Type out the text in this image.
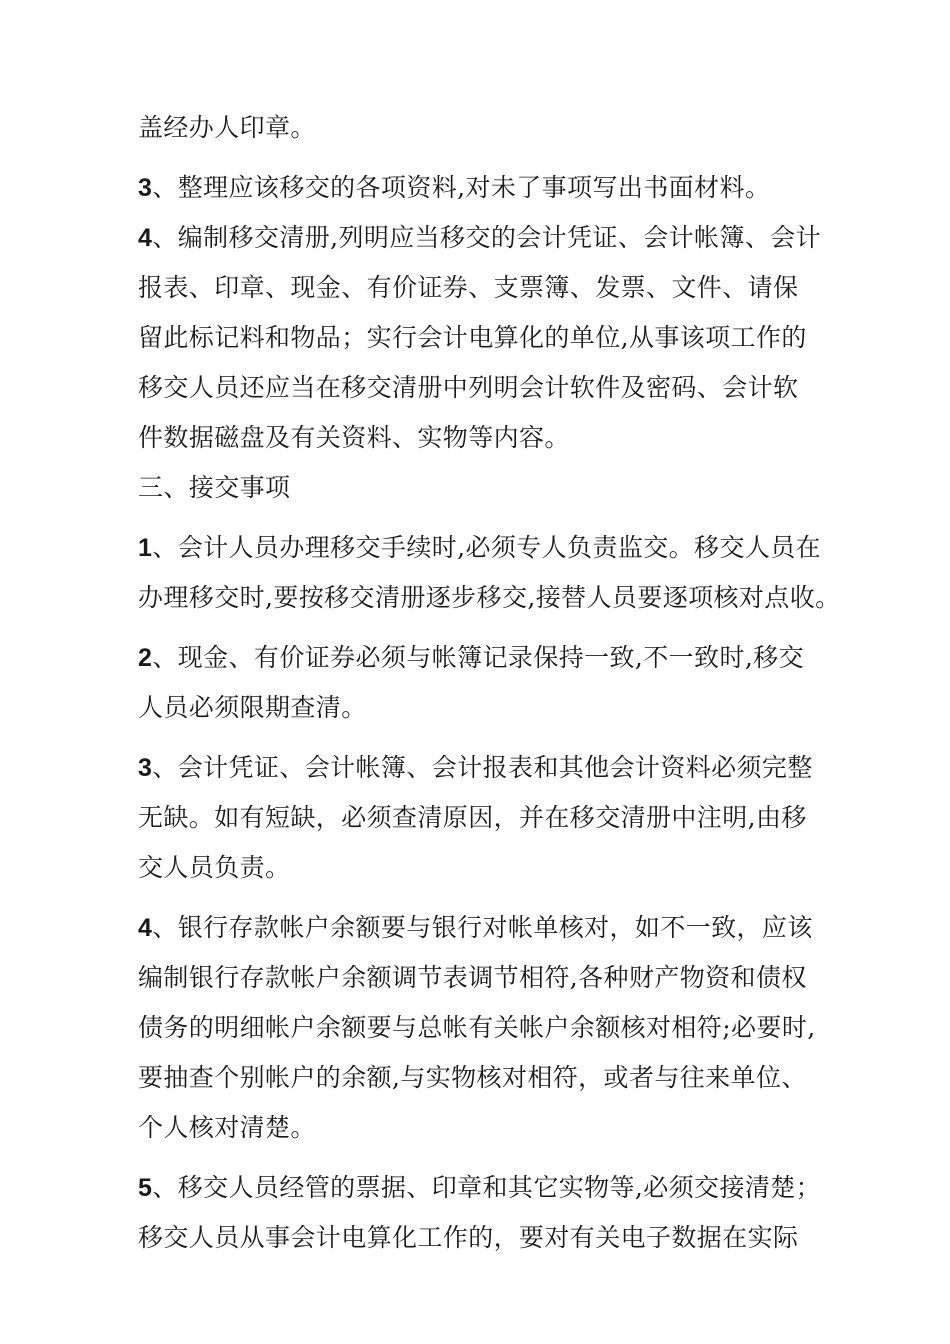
盖经办人印章。
3、整理应该移交的各项资料,对未了事项写出书面材料。
4、编制移交清册,列明应当移交的会计凭证、会计帐簿、会计
报表、印章、现金、有价证券、支票簿、发票、文件、请保
留此标记料和物品；实行会计电算化的单位,从事该项工作的
移交人员还应当在移交清册中列明会计软件及密码、会计软
件数据磁盘及有关资料、实物等内容。
三、接交事项
1、会计人员办理移交手续时,必须专人负责监交。移交人员在
办理移交时,要按移交清册逐步移交,接替人员要逐项核对点收。
2、现金、有价证券必须与帐簿记录保持一致,不一致时,移交
人员必须限期查清。
3、会计凭证、会计帐簿、会计报表和其他会计资料必须完整
无缺。如有短缺，必须查清原因，并在移交清册中注明,由移
交人员负责。
4、银行存款帐户余额要与银行对帐单核对，如不一致，应该
编制银行存款帐户余额调节表调节相符,各种财产物资和债权
债务的明细帐户余额要与总帐有关帐户余额核对相符;必要时,
要抽查个别帐户的余额,与实物核对相符，或者与往来单位、
个人核对清楚。
5、移交人员经管的票据、印章和其它实物等,必须交接清楚；
移交人员从事会计电算化工作的，要对有关电子数据在实际
